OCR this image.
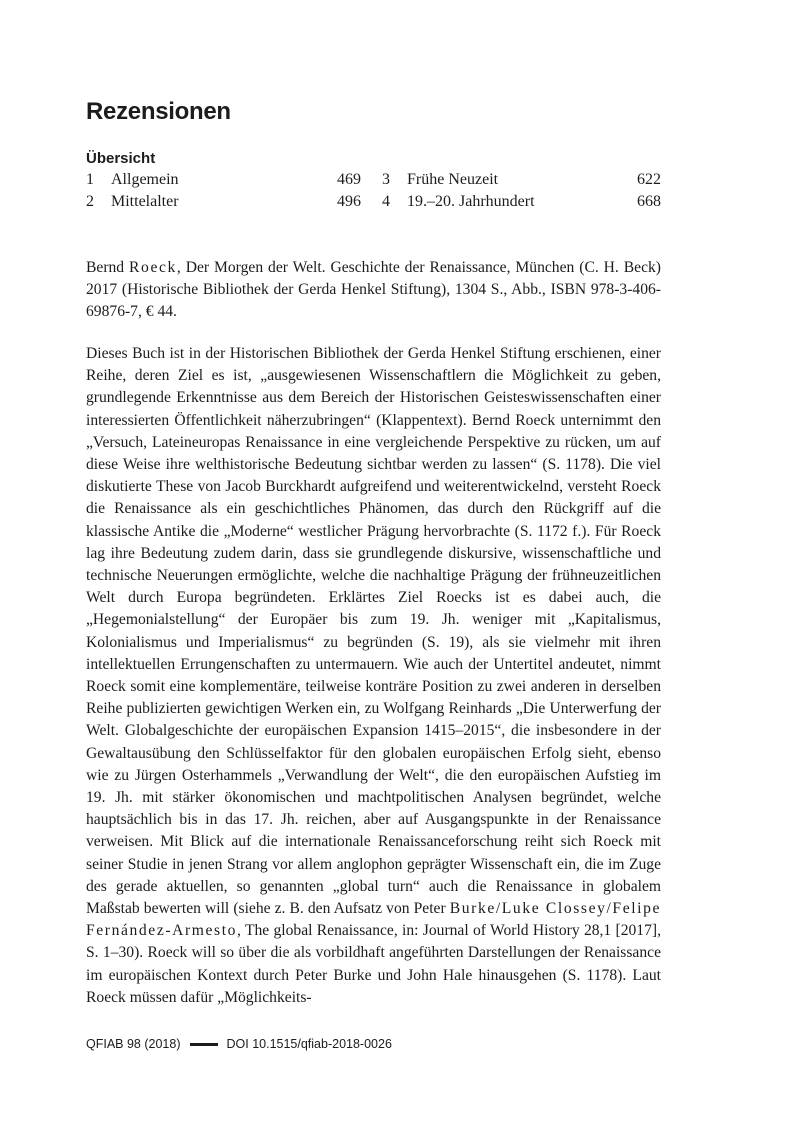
Rezensionen
Übersicht
1 Allgemein	469 3 Frühe Neuzeit	622
2 Mittelalter	496 4 19.–20. Jahrhundert	668

Bernd Roeck, Der Morgen der Welt. Geschichte der Renaissance, München (C. H. Beck) 2017 (Historische Bibliothek der Gerda Henkel Stiftung), 1304 S., Abb., ISBN 978-3-406-69876-7, € 44.

Dieses Buch ist in der Historischen Bibliothek der Gerda Henkel Stiftung erschienen, einer Reihe, deren Ziel es ist, „ausgewiesenen Wissenschaftlern die Möglichkeit zu geben, grundlegende Erkenntnisse aus dem Bereich der Historischen Geisteswissenschaften einer interessierten Öffentlichkeit näherzubringen“ (Klappentext). Bernd Roeck unternimmt den „Versuch, Lateineuropas Renaissance in eine vergleichende Perspektive zu rücken, um auf diese Weise ihre welthistorische Bedeutung sichtbar werden zu lassen“ (S. 1178). Die viel diskutierte These von Jacob Burckhardt aufgreifend und weiterentwickelnd, versteht Roeck die Renaissance als ein geschichtliches Phänomen, das durch den Rückgriff auf die klassische Antike die „Moderne“ westlicher Prägung hervorbrachte (S. 1172 f.). Für Roeck lag ihre Bedeutung zudem darin, dass sie grundlegende diskursive, wissenschaftliche und technische Neuerungen ermöglichte, welche die nachhaltige Prägung der frühneuzeitlichen Welt durch Europa begründeten. Erklärtes Ziel Roecks ist es dabei auch, die „Hegemonialstellung“ der Europäer bis zum 19. Jh. weniger mit „Kapitalismus, Kolonialismus und Imperialismus“ zu begründen (S. 19), als sie vielmehr mit ihren intellektuellen Errungenschaften zu untermauern. Wie auch der Untertitel andeutet, nimmt Roeck somit eine komplementäre, teilweise konträre Position zu zwei anderen in derselben Reihe publizierten gewichtigen Werken ein, zu Wolfgang Reinhards „Die Unterwerfung der Welt. Globalgeschichte der europäischen Expansion 1415–2015“, die insbesondere in der Gewaltausübung den Schlüsselfaktor für den globalen europäischen Erfolg sieht, ebenso wie zu Jürgen Osterhammels „Verwandlung der Welt“, die den europäischen Aufstieg im 19. Jh. mit stärker ökonomischen und machtpolitischen Analysen begründet, welche hauptsächlich bis in das 17. Jh. reichen, aber auf Ausgangspunkte in der Renaissance verweisen. Mit Blick auf die internationale Renaissanceforschung reiht sich Roeck mit seiner Studie in jenen Strang vor allem anglophon geprägter Wissenschaft ein, die im Zuge des gerade aktuellen, so genannten „global turn“ auch die Renaissance in globalem Maßstab bewerten will (siehe z. B. den Aufsatz von Peter Burke/Luke Clossey/Felipe Fernández-Armesto, The global Renaissance, in: Journal of World History 28,1 [2017], S. 1–30). Roeck will so über die als vorbildhaft angeführten Darstellungen der Renaissance im europäischen Kontext durch Peter Burke und John Hale hinausgehen (S. 1178). Laut Roeck müssen dafür „Möglichkeits-

QFIAB 98 (2018)	DOI 10.1515/qfiab-2018-0026
